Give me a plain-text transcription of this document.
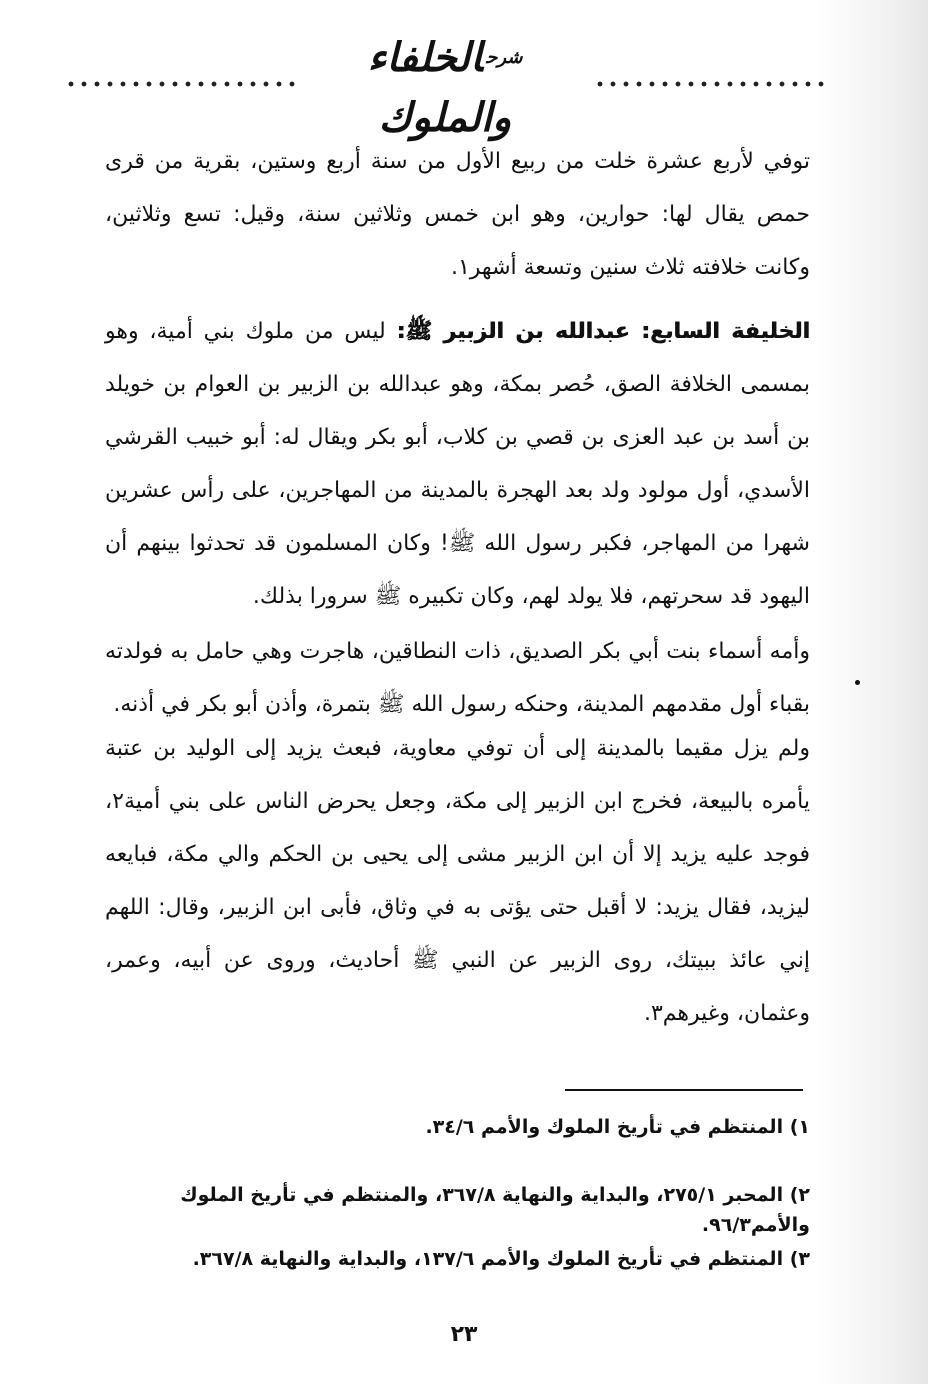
$^{شرح}$الخلفاء والملوك
توفي لأربع عشرة خلت من ربيع الأول من سنة أربع وستين، بقرية من قرى حمص يقال لها: حوارين، وهو ابن خمس وثلاثين سنة، وقيل: تسع وثلاثين، وكانت خلافته ثلاث سنين وتسعة أشهر١.
الخليفة السابع: عبدالله بن الزبير ﷺ: ليس من ملوك بني أمية، وهو بمسمى الخلافة الصق، حُصر بمكة، وهو عبدالله بن الزبير بن العوام بن خويلد بن أسد بن عبد العزى بن قصي بن كلاب، أبو بكر ويقال له: أبو خبيب القرشي الأسدي، أول مولود ولد بعد الهجرة بالمدينة من المهاجرين، على رأس عشرين شهرا من المهاجر، فكبر رسول الله ﷺ! وكان المسلمون قد تحدثوا بينهم أن اليهود قد سحرتهم، فلا يولد لهم، وكان تكبيره ﷺ سرورا بذلك.
وأمه أسماء بنت أبي بكر الصديق، ذات النطاقين، هاجرت وهي حامل به فولدته بقباء أول مقدمهم المدينة، وحنكه رسول الله ﷺ بتمرة، وأذن أبو بكر في أذنه.
ولم يزل مقيما بالمدينة إلى أن توفي معاوية، فبعث يزيد إلى الوليد بن عتبة يأمره بالبيعة، فخرج ابن الزبير إلى مكة، وجعل يحرض الناس على بني أمية٢، فوجد عليه يزيد إلا أن ابن الزبير مشى إلى يحيى بن الحكم والي مكة، فبايعه ليزيد، فقال يزيد: لا أقبل حتى يؤتى به في وثاق، فأبى ابن الزبير، وقال: اللهم إني عائذ ببيتك، روى الزبير عن النبي ﷺ أحاديث، وروى عن أبيه، وعمر، وعثمان، وغيرهم٣.
١) المنتظم في تأريخ الملوك والأمم ٣٤/٦.
٢) المحبر ٢٧٥/١، والبداية والنهاية ٣٦٧/٨، والمنتظم في تأريخ الملوك والأمم٩٦/٣.
٣) المنتظم في تأريخ الملوك والأمم ١٣٧/٦، والبداية والنهاية ٣٦٧/٨.
٢٣
